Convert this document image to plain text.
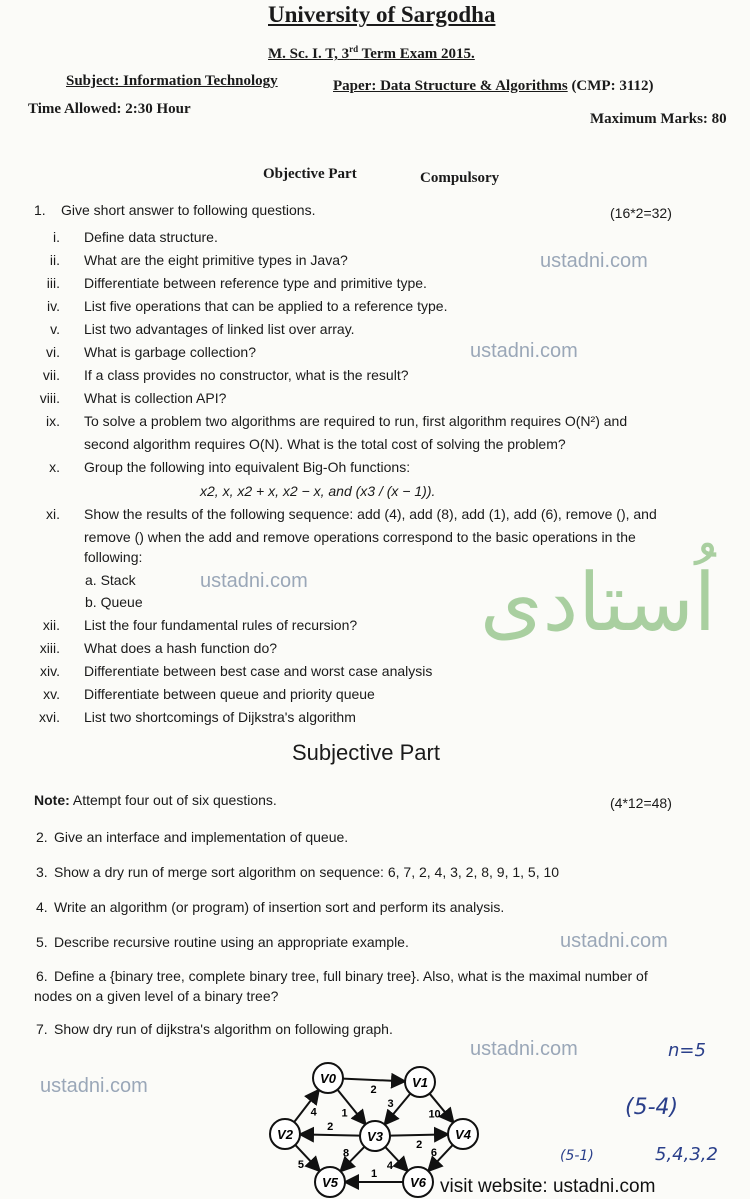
University of Sargodha
M. Sc. I. T, 3rd Term Exam 2015.
Subject: Information Technology	Paper: Data Structure & Algorithms (CMP: 3112)
Time Allowed: 2:30 Hour
Maximum Marks: 80
Objective Part	Compulsory
1. Give short answer to following questions.	(16*2=32)
i. Define data structure.
ii. What are the eight primitive types in Java?
iii. Differentiate between reference type and primitive type.
iv. List five operations that can be applied to a reference type.
v. List two advantages of linked list over array.
vi. What is garbage collection?
vii. If a class provides no constructor, what is the result?
viii. What is collection API?
ix. To solve a problem two algorithms are required to run, first algorithm requires O(N²) and
second algorithm requires O(N). What is the total cost of solving the problem?
x. Group the following into equivalent Big-Oh functions:
x2, x, x2 + x, x2 − x, and (x3 / (x − 1)).
xi. Show the results of the following sequence: add (4), add (8), add (1), add (6), remove (), and
remove () when the add and remove operations correspond to the basic operations in the
following:
a. Stack
b. Queue
xii. List the four fundamental rules of recursion?
xiii. What does a hash function do?
xiv. Differentiate between best case and worst case analysis
xv. Differentiate between queue and priority queue
xvi. List two shortcomings of Dijkstra's algorithm
Subjective Part
Note: Attempt four out of six questions.	(4*12=48)
2. Give an interface and implementation of queue.
3. Show a dry run of merge sort algorithm on sequence: 6, 7, 2, 4, 3, 2, 8, 9, 1, 5, 10
4. Write an algorithm (or program) of insertion sort and perform its analysis.
5. Describe recursive routine using an appropriate example.
6. Define a {binary tree, complete binary tree, full binary tree}. Also, what is the maximal number of
nodes on a given level of a binary tree?
7. Show dry run of dijkstra's algorithm on following graph.
ustadni.com
ustadni.com
ustadni.com
ustadni.com
ustadni.com
ustadni.com
اُستادی
2
1
4
3
10
2
2
5
8
4
6
1
V0	V1
V2	V3	V4
V5	V6
n=5
(5-4)
5,4,3,2
(5-1)
visit website: ustadni.com
